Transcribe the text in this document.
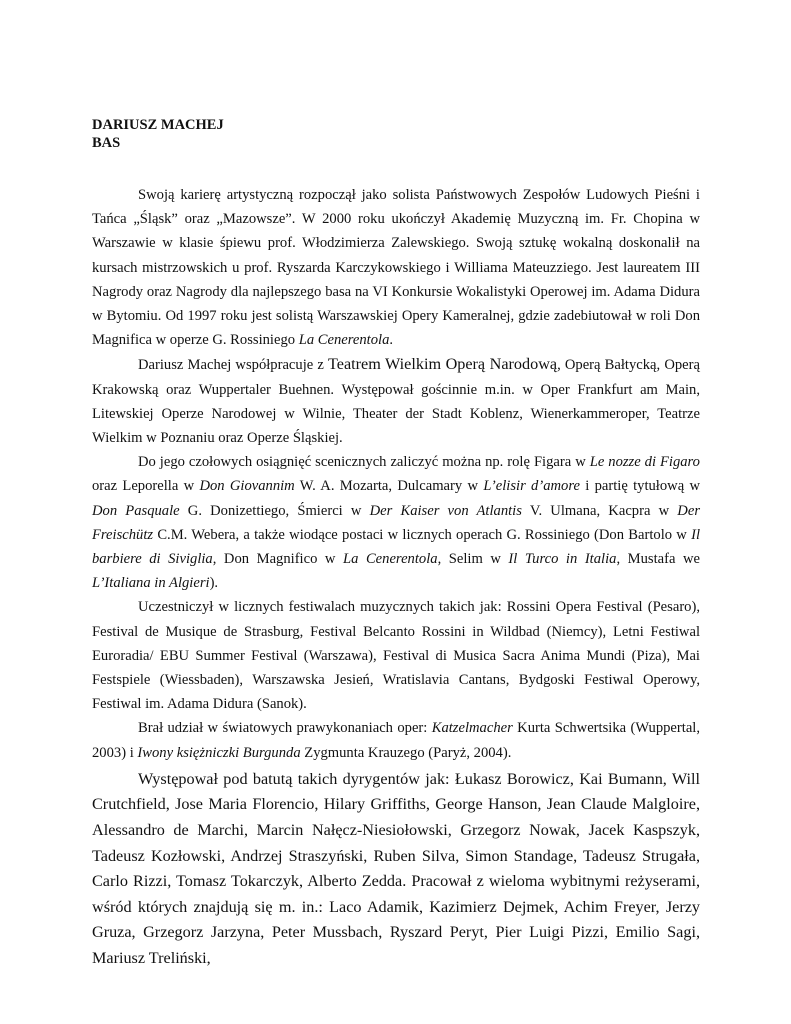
DARIUSZ MACHEJ

BAS

Swoją karierę artystyczną rozpoczął jako solista Państwowych Zespołów Ludowych Pieśni i Tańca „Śląsk” oraz „Mazowsze”. W 2000 roku ukończył Akademię Muzyczną im. Fr. Chopina w Warszawie w klasie śpiewu prof. Włodzimierza Zalewskiego. Swoją sztukę wokalną doskonalił na kursach mistrzowskich u prof. Ryszarda Karczykowskiego i Williama Mateuzziego. Jest laureatem III Nagrody oraz Nagrody dla najlepszego basa na VI Konkursie Wokalistyki Operowej im. Adama Didura w Bytomiu. Od 1997 roku jest solistą Warszawskiej Opery Kameralnej, gdzie zadebiutował w roli Don Magnifica w operze G. Rossiniego La Cenerentola.

Dariusz Machej współpracuje z Teatrem Wielkim Operą Narodową, Operą Bałtycką, Operą Krakowską oraz Wuppertaler Buehnen. Występował gościnnie m.in. w Oper Frankfurt am Main, Litewskiej Operze Narodowej w Wilnie, Theater der Stadt Koblenz, Wienerkammeroper, Teatrze Wielkim w Poznaniu oraz Operze Śląskiej.

Do jego czołowych osiągnięć scenicznych zaliczyć można np. rolę Figara w Le nozze di Figaro oraz Leporella w Don Giovannim W. A. Mozarta, Dulcamary w L’elisir d’amore i partię tytułową w Don Pasquale G. Donizettiego, Śmierci w Der Kaiser von Atlantis V. Ulmana, Kacpra w Der Freischütz C.M. Webera, a także wiodące postaci w licznych operach G. Rossiniego (Don Bartolo w Il barbiere di Siviglia, Don Magnifico w La Cenerentola, Selim w Il Turco in Italia, Mustafa we L’Italiana in Algieri).

Uczestniczył w licznych festiwalach muzycznych takich jak: Rossini Opera Festival (Pesaro), Festival de Musique de Strasburg, Festival Belcanto Rossini in Wildbad (Niemcy), Letni Festiwal Euroradia/ EBU Summer Festival (Warszawa), Festival di Musica Sacra Anima Mundi (Piza), Mai Festspiele (Wiessbaden), Warszawska Jesień, Wratislavia Cantans, Bydgoski Festiwal Operowy, Festiwal im. Adama Didura (Sanok).

Brał udział w światowych prawykonaniach oper: Katzelmacher Kurta Schwertsika (Wuppertal, 2003) i Iwony księżniczki Burgunda Zygmunta Krauzego (Paryż, 2004).

Występował pod batutą takich dyrygentów jak: Łukasz Borowicz, Kai Bumann, Will Crutchfield, Jose Maria Florencio, Hilary Griffiths, George Hanson, Jean Claude Malgloire, Alessandro de Marchi, Marcin Nałęcz-Niesiołowski, Grzegorz Nowak, Jacek Kaspszyk, Tadeusz Kozłowski, Andrzej Straszyński, Ruben Silva, Simon Standage, Tadeusz Strugała, Carlo Rizzi, Tomasz Tokarczyk, Alberto Zedda. Pracował z wieloma wybitnymi reżyserami, wśród których znajdują się m. in.: Laco Adamik, Kazimierz Dejmek, Achim Freyer, Jerzy Gruza, Grzegorz Jarzyna, Peter Mussbach, Ryszard Peryt, Pier Luigi Pizzi, Emilio Sagi, Mariusz Treliński,
